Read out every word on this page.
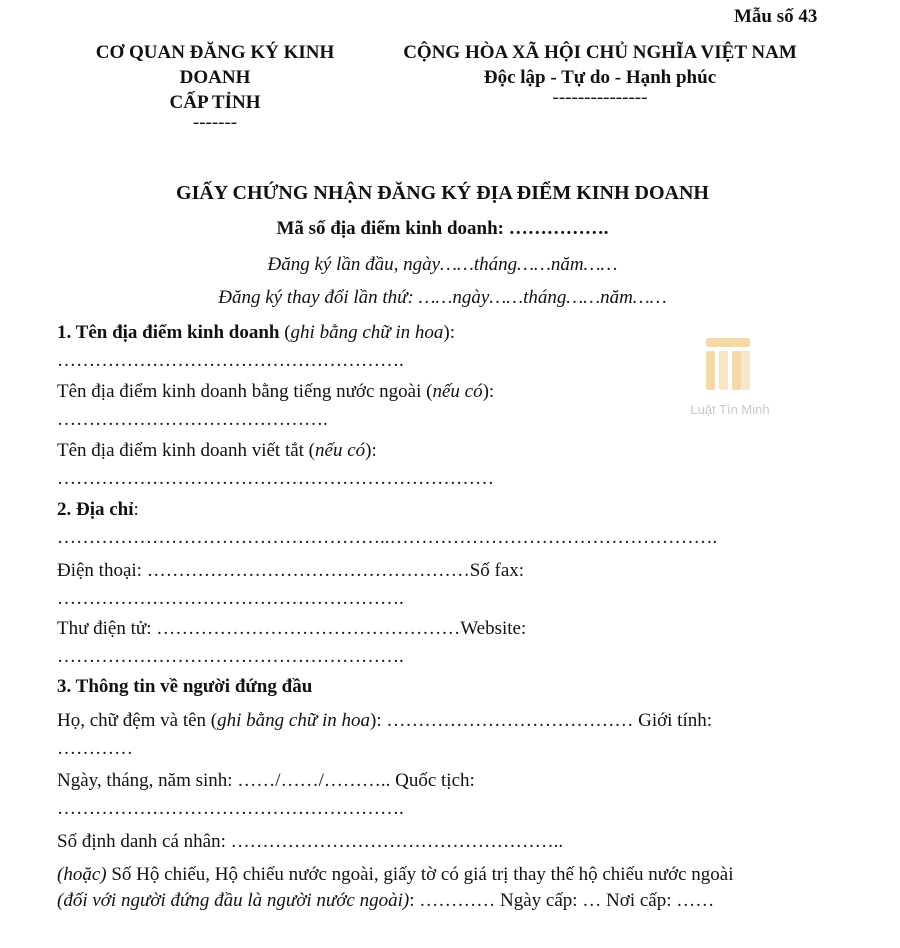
Mẫu số 43
CƠ QUAN ĐĂNG KÝ KINH
DOANH
CẤP TỈNH
-------
CỘNG HÒA XÃ HỘI CHỦ NGHĨA VIỆT NAM
Độc lập - Tự do - Hạnh phúc
---------------
GIẤY CHỨNG NHẬN ĐĂNG KÝ ĐỊA ĐIỂM KINH DOANH
Mã số địa điểm kinh doanh: …………….
Đăng ký lần đầu, ngày……tháng……năm……
Đăng ký thay đổi lần thứ: ……ngày……tháng……năm……
Luật Tín Minh
1. Tên địa điểm kinh doanh (ghi bằng chữ in hoa):
……………………………………………….
Tên địa điểm kinh doanh bằng tiếng nước ngoài (nếu có):
…………………………………….
Tên địa điểm kinh doanh viết tắt (nếu có):
……………………………………………………………
2. Địa chỉ:
……………………………………………..…………………………………………….
Điện thoại: ……………………………………………Số fax:
……………………………………………….
Thư điện tử: …………………………………………Website:
……………………………………………….
3. Thông tin về người đứng đầu
Họ, chữ đệm và tên (ghi bằng chữ in hoa): ………………………………… Giới tính:
…………
Ngày, tháng, năm sinh: ……/……/……….. Quốc tịch:
……………………………………………….
Số định danh cá nhân: ……………………………………………..
(hoặc) Số Hộ chiếu, Hộ chiếu nước ngoài, giấy tờ có giá trị thay thế hộ chiếu nước ngoài
(đối với người đứng đầu là người nước ngoài): ………… Ngày cấp: … Nơi cấp: ……
